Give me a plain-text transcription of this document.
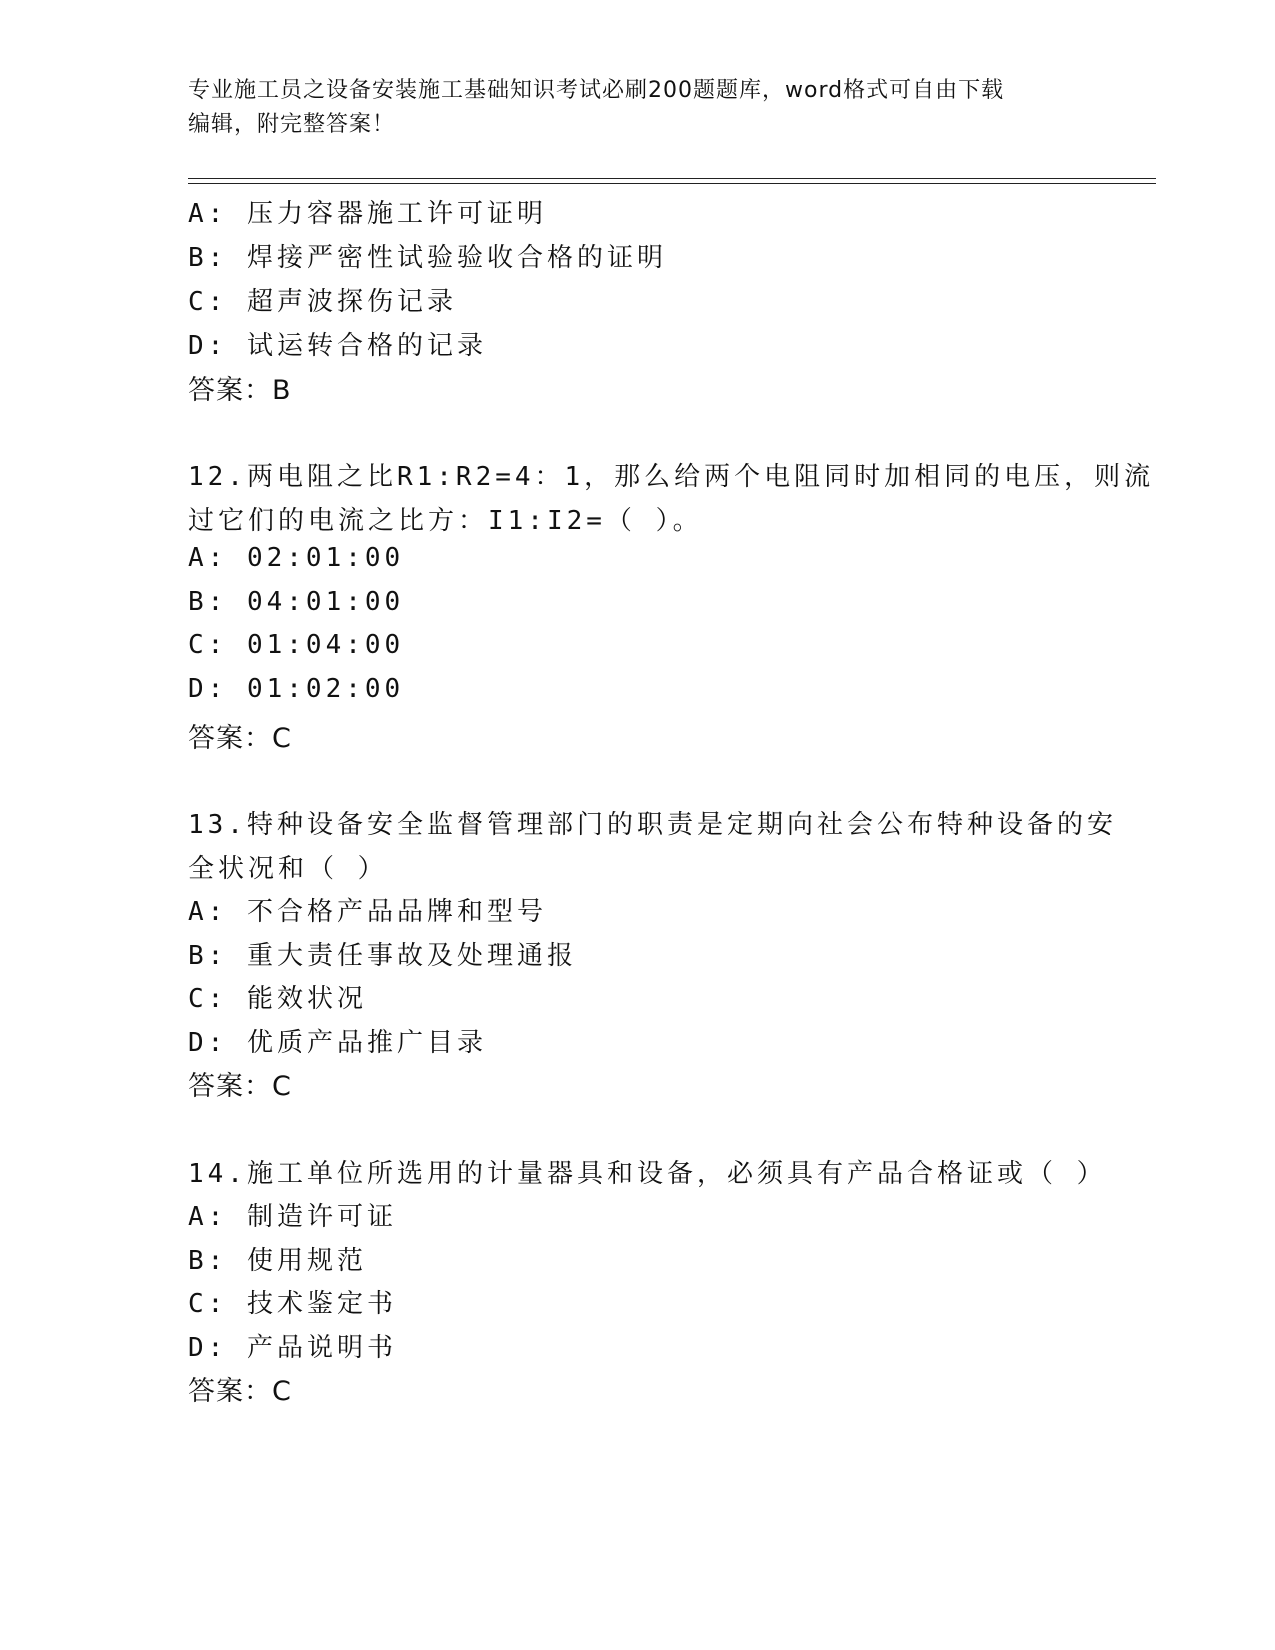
专业施工员之设备安装施工基础知识考试必刷200题题库，word格式可自由下载
编辑，附完整答案！
A: 压力容器施工许可证明
B: 焊接严密性试验验收合格的证明
C: 超声波探伤记录
D: 试运转合格的记录
答案：B
12.两电阻之比R1:R2=4：1，那么给两个电阻同时加相同的电压，则流
过它们的电流之比方：I1:I2=（ ）。
A: 02:01:00
B: 04:01:00
C: 01:04:00
D: 01:02:00
答案：C
13.特种设备安全监督管理部门的职责是定期向社会公布特种设备的安
全状况和（ ）
A: 不合格产品品牌和型号
B: 重大责任事故及处理通报
C: 能效状况
D: 优质产品推广目录
答案：C
14.施工单位所选用的计量器具和设备，必须具有产品合格证或（ ）
A: 制造许可证
B: 使用规范
C: 技术鉴定书
D: 产品说明书
答案：C
